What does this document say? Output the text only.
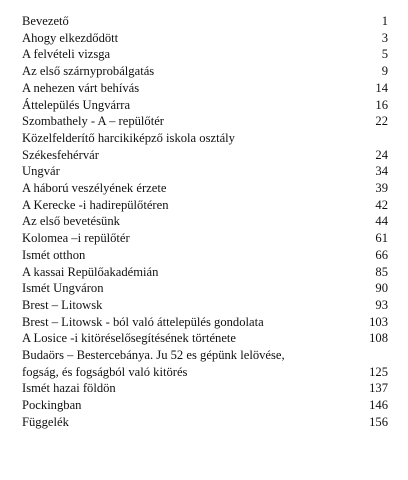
Bevezető	1
Ahogy elkezdődött	3
A felvételi vizsga	5
Az első szárnyprobálgatás	9
A nehezen várt behívás	14
Áttelepülés Ungvárra	16
Szombathely - A – repülőtér	22
Közelfelderítő harcikiképző iskola osztály
Székesfehérvár	24
Ungvár	34
A háború veszélyének érzete	39
A Kerecke -i hadirepülőtéren	42
Az első bevetésünk	44
Kolomea –i repülőtér	61
Ismét otthon	66
A kassai Repülőakadémián	85
Ismét Ungváron	90
Brest – Litowsk	93
Brest – Litowsk - ból való áttelepülés gondolata	103
A Losice -i kitöréselősegítésének története	108
Budaörs – Bestercebánya. Ju 52 es gépünk lelövése,
fogság, és fogságból való kitörés	125
Ismét hazai földön	137
Pockingban	146
Függelék	156
